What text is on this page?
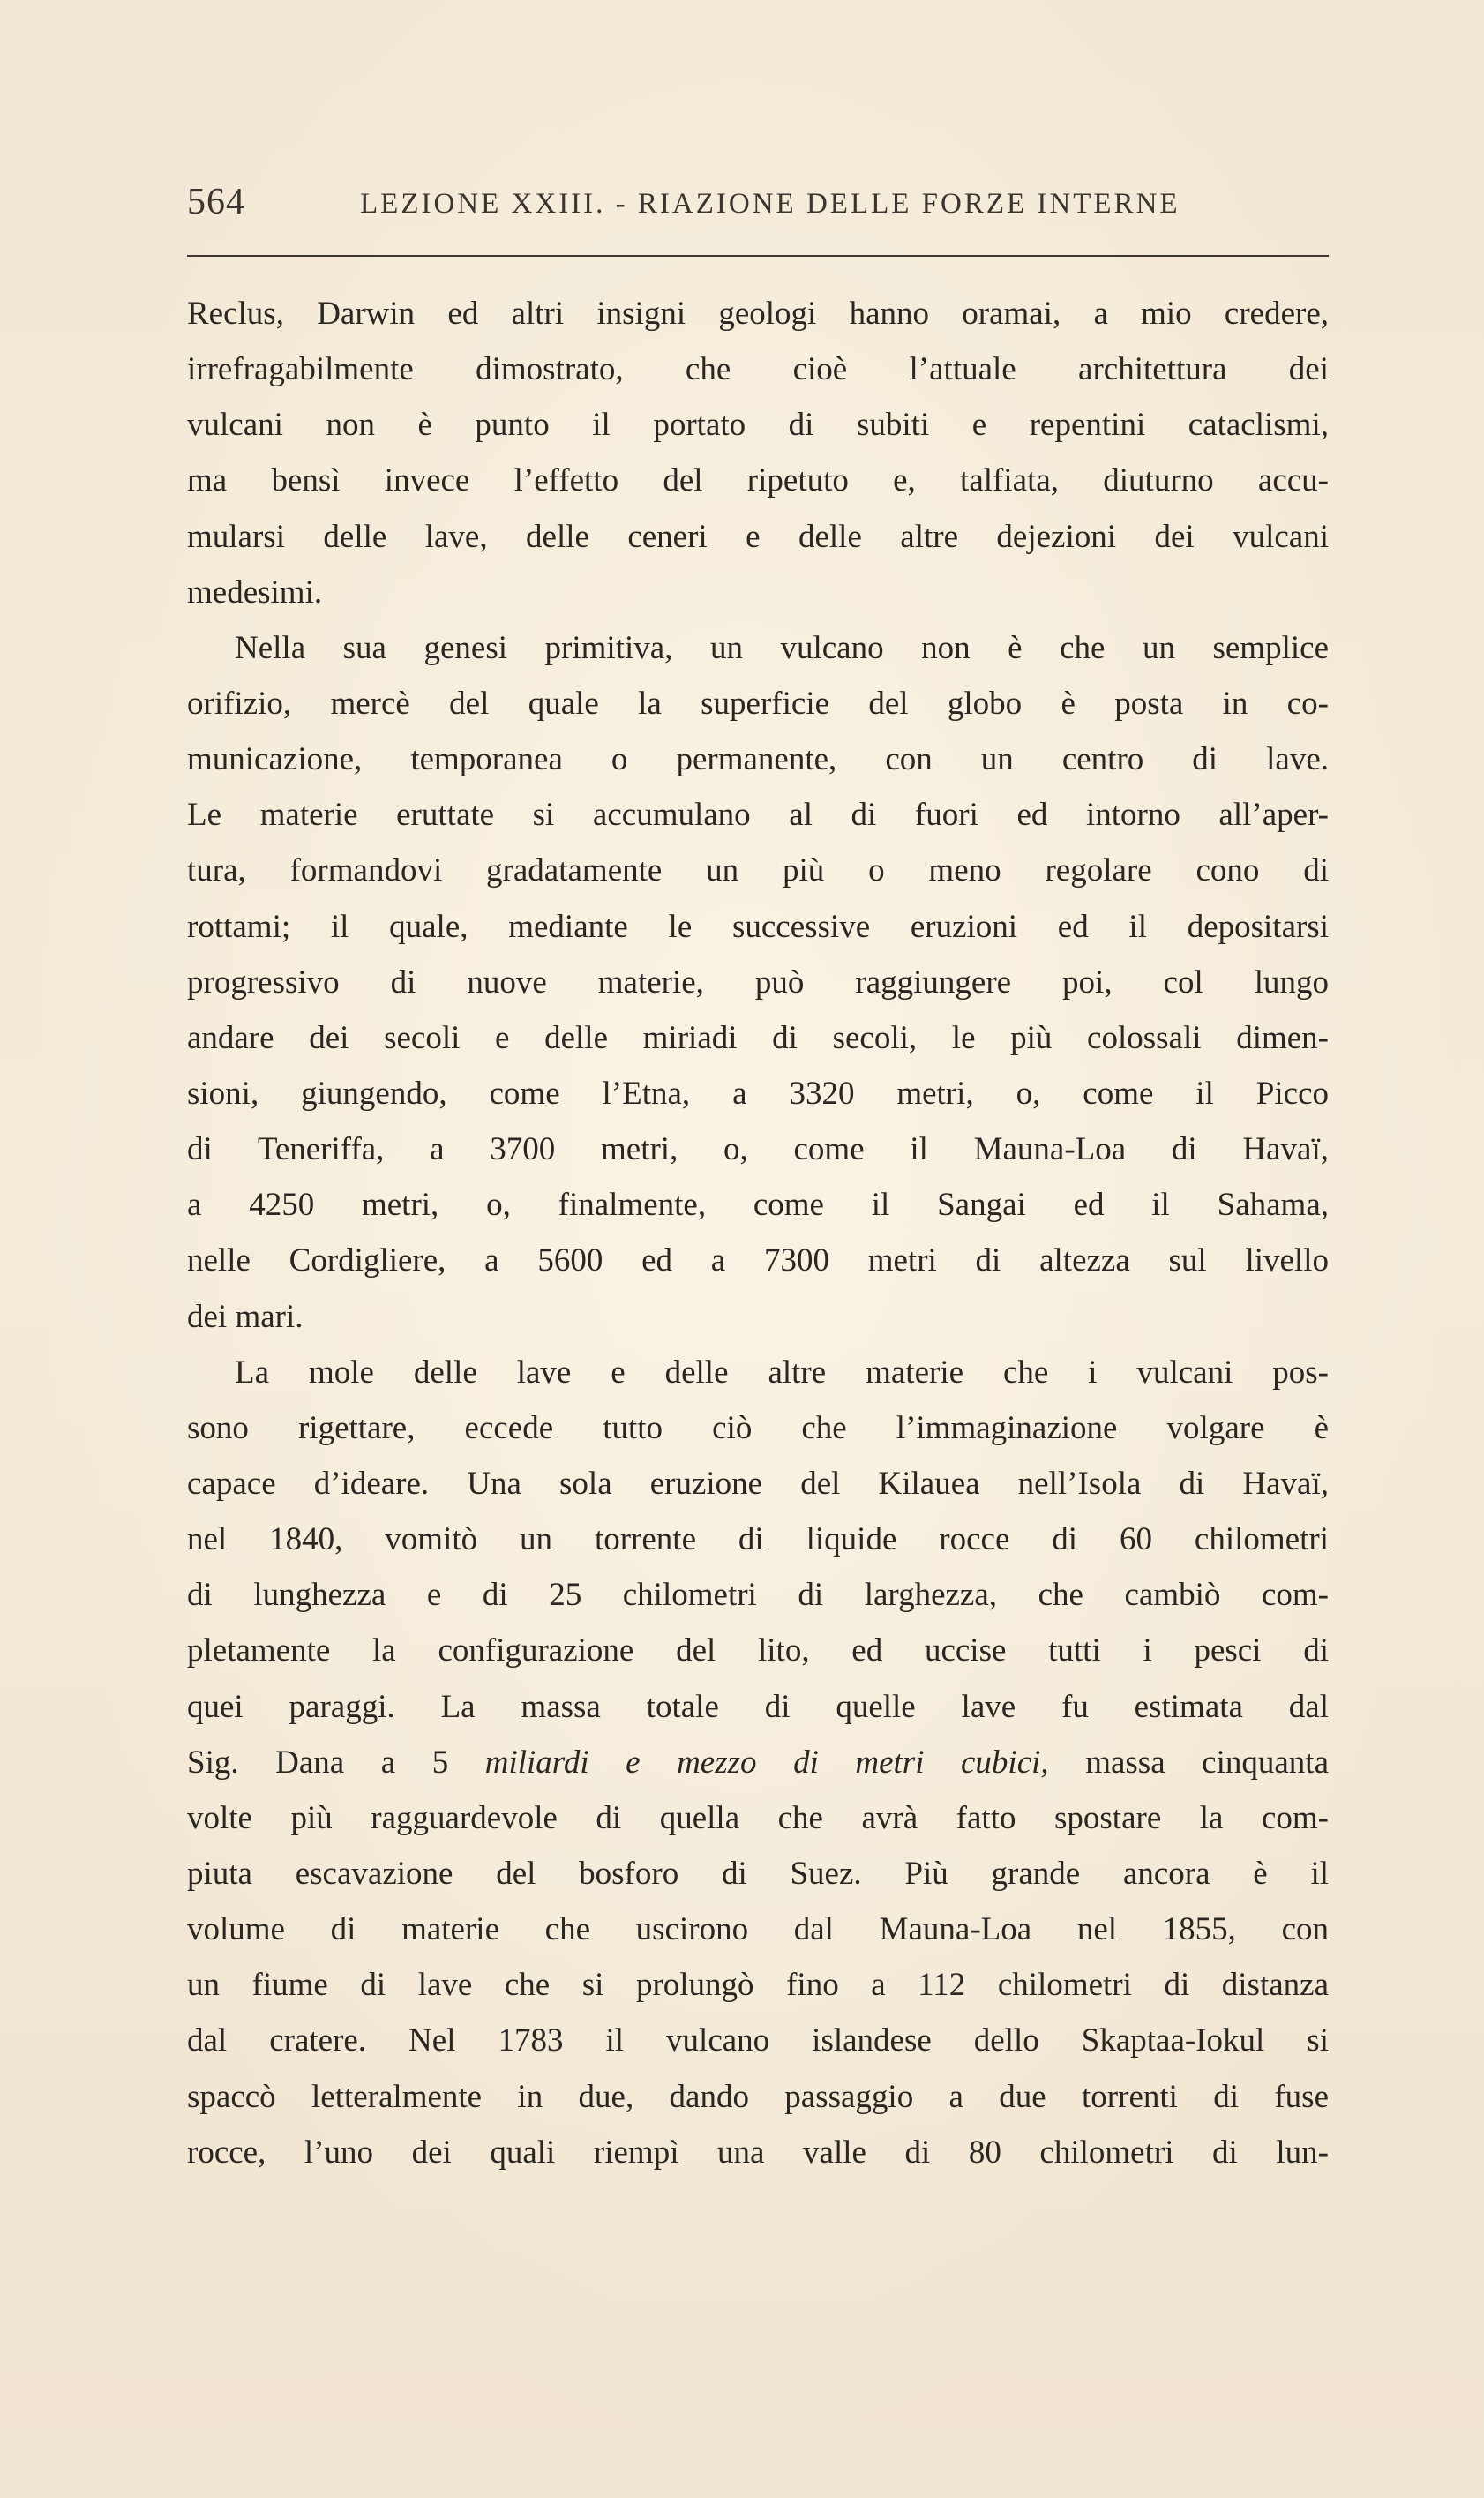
564	LEZIONE XXIII. - RIAZIONE DELLE FORZE INTERNE
Reclus, Darwin ed altri insigni geologi hanno oramai, a mio credere,
irrefragabilmente dimostrato, che cioè l’attuale architettura dei
vulcani non è punto il portato di subiti e repentini cataclismi,
ma bensì invece l’effetto del ripetuto e, talfiata, diuturno accu-
mularsi delle lave, delle ceneri e delle altre dejezioni dei vulcani
medesimi.
Nella sua genesi primitiva, un vulcano non è che un semplice
orifizio, mercè del quale la superficie del globo è posta in co-
municazione, temporanea o permanente, con un centro di lave.
Le materie eruttate si accumulano al di fuori ed intorno all’aper-
tura, formandovi gradatamente un più o meno regolare cono di
rottami; il quale, mediante le successive eruzioni ed il depositarsi
progressivo di nuove materie, può raggiungere poi, col lungo
andare dei secoli e delle miriadi di secoli, le più colossali dimen-
sioni, giungendo, come l’Etna, a 3320 metri, o, come il Picco
di Teneriffa, a 3700 metri, o, come il Mauna-Loa di Havaï,
a 4250 metri, o, finalmente, come il Sangai ed il Sahama,
nelle Cordigliere, a 5600 ed a 7300 metri di altezza sul livello
dei mari.
La mole delle lave e delle altre materie che i vulcani pos-
sono rigettare, eccede tutto ciò che l’immaginazione volgare è
capace d’ideare. Una sola eruzione del Kilauea nell’Isola di Havaï,
nel 1840, vomitò un torrente di liquide rocce di 60 chilometri
di lunghezza e di 25 chilometri di larghezza, che cambiò com-
pletamente la configurazione del lito, ed uccise tutti i pesci di
quei paraggi. La massa totale di quelle lave fu estimata dal
Sig. Dana a 5 miliardi e mezzo di metri cubici, massa cinquanta
volte più ragguardevole di quella che avrà fatto spostare la com-
piuta escavazione del bosforo di Suez. Più grande ancora è il
volume di materie che uscirono dal Mauna-Loa nel 1855, con
un fiume di lave che si prolungò fino a 112 chilometri di distanza
dal cratere. Nel 1783 il vulcano islandese dello Skaptaa-Iokul si
spaccò letteralmente in due, dando passaggio a due torrenti di fuse
rocce, l’uno dei quali riempì una valle di 80 chilometri di lun-
